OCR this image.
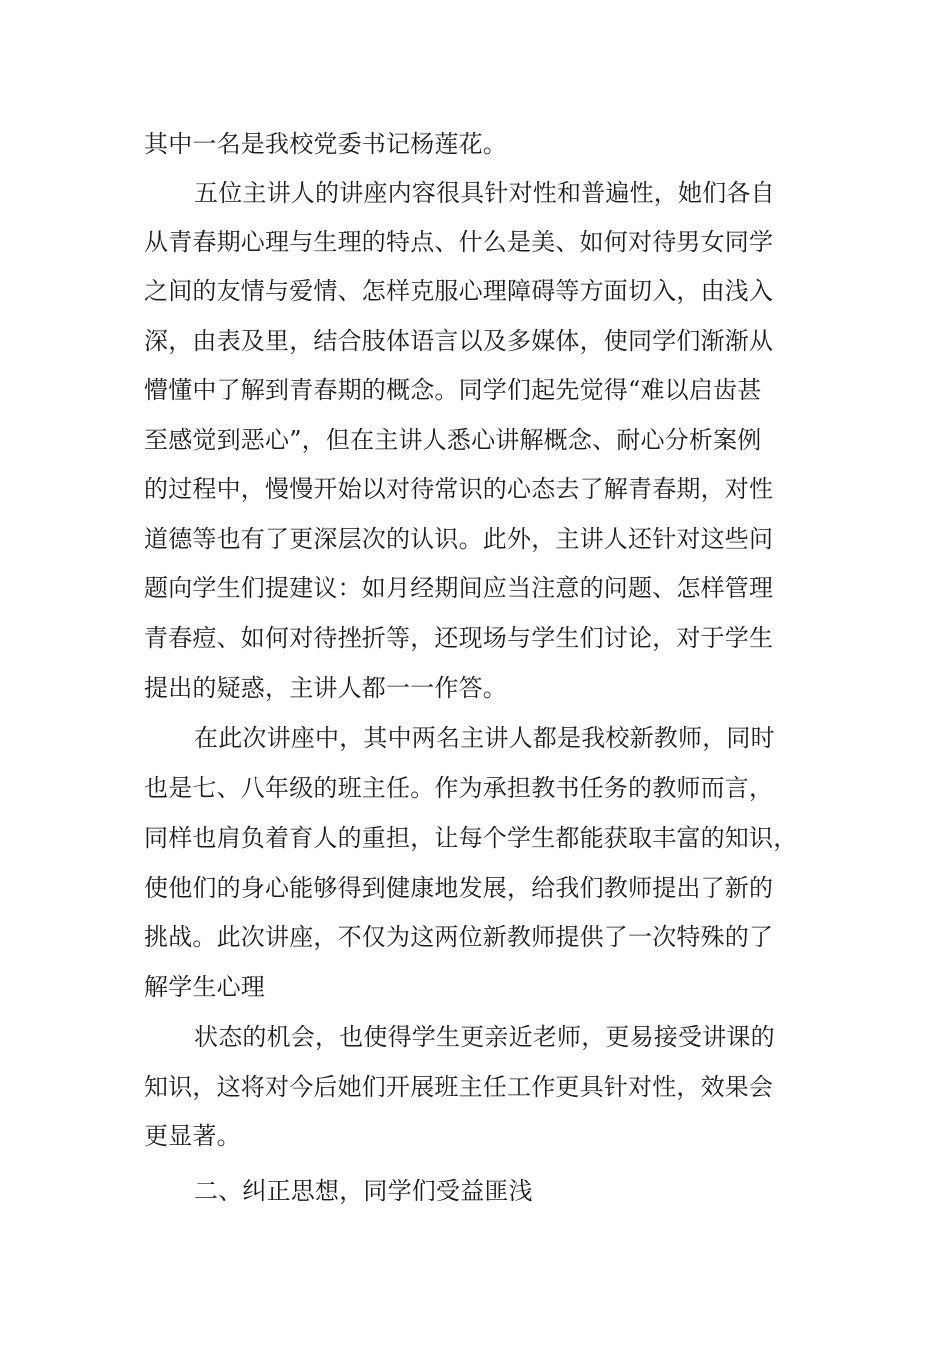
其中一名是我校党委书记杨莲花。

五位主讲人的讲座内容很具针对性和普遍性，她们各自

从青春期心理与生理的特点、什么是美、如何对待男女同学

之间的友情与爱情、怎样克服心理障碍等方面切入，由浅入

深，由表及里，结合肢体语言以及多媒体，使同学们渐渐从

懵懂中了解到青春期的概念。同学们起先觉得“难以启齿甚

至感觉到恶心”，但在主讲人悉心讲解概念、耐心分析案例

的过程中，慢慢开始以对待常识的心态去了解青春期，对性

道德等也有了更深层次的认识。此外，主讲人还针对这些问

题向学生们提建议：如月经期间应当注意的问题、怎样管理

青春痘、如何对待挫折等，还现场与学生们讨论，对于学生

提出的疑惑，主讲人都一一作答。

在此次讲座中，其中两名主讲人都是我校新教师，同时

也是七、八年级的班主任。作为承担教书任务的教师而言，

同样也肩负着育人的重担，让每个学生都能获取丰富的知识，

使他们的身心能够得到健康地发展，给我们教师提出了新的

挑战。此次讲座，不仅为这两位新教师提供了一次特殊的了

解学生心理

状态的机会，也使得学生更亲近老师，更易接受讲课的

知识，这将对今后她们开展班主任工作更具针对性，效果会

更显著。

二、纠正思想，同学们受益匪浅
